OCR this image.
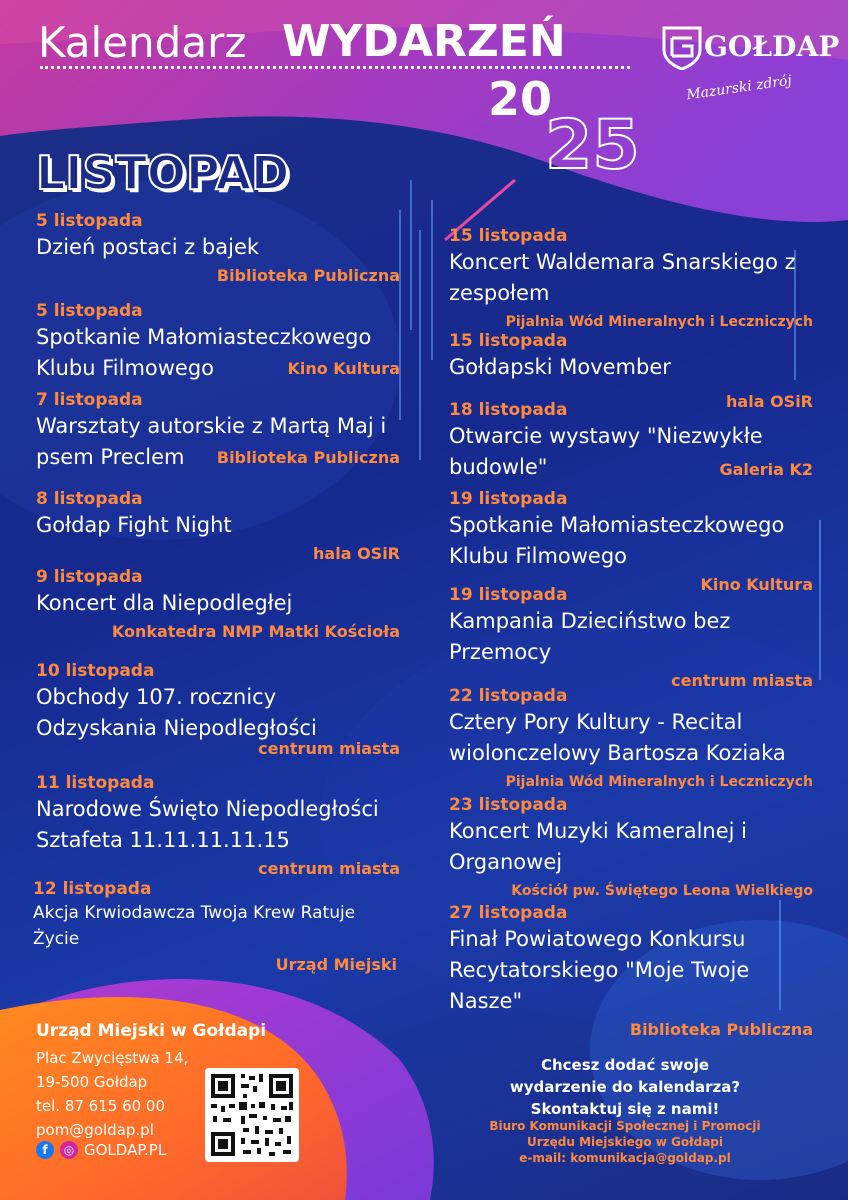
Kalendarz WYDARZEŃ
20
25
LISTOPAD
GOŁDAP
Mazurski zdrój
5 listopada
Dzień postaci z bajek
Biblioteka Publiczna
5 listopada
Spotkanie Małomiasteczkowego Klubu Filmowego	Kino Kultura
7 listopada
Warsztaty autorskie z Martą Maj i psem Preclem	Biblioteka Publiczna
8 listopada
Gołdap Fight Night
hala OSiR
9 listopada
Koncert dla Niepodległej
Konkatedra NMP Matki Kościoła
10 listopada
Obchody 107. rocznicy Odzyskania Niepodległości
centrum miasta
11 listopada
Narodowe Święto Niepodległości Sztafeta 11.11.11.11.15
centrum miasta
12 listopada
Akcja Krwiodawcza Twoja Krew Ratuje Życie
Urząd Miejski
15 listopada
Koncert Waldemara Snarskiego z zespołem
Pijalnia Wód Mineralnych i Leczniczych
15 listopada
Gołdapski Movember
hala OSiR
18 listopada
Otwarcie wystawy "Niezwykłe budowle"	Galeria K2
19 listopada
Spotkanie Małomiasteczkowego Klubu Filmowego
Kino Kultura
19 listopada
Kampania Dzieciństwo bez Przemocy
centrum miasta
22 listopada
Cztery Pory Kultury - Recital wiolonczelowy Bartosza Koziaka
Pijalnia Wód Mineralnych i Leczniczych
23 listopada
Koncert Muzyki Kameralnej i Organowej
Kościół pw. Świętego Leona Wielkiego
27 listopada
Finał Powiatowego Konkursu Recytatorskiego "Moje Twoje Nasze"
Biblioteka Publiczna
Urząd Miejski w Gołdapi
Plac Zwycięstwa 14,
19-500 Gołdap
tel. 87 615 60 00
pom@goldap.pl
f	◎ GOLDAP.PL
Chcesz dodać swoje
wydarzenie do kalendarza?
Skontaktuj się z nami!
Biuro Komunikacji Społecznej i Promocji
Urzędu Miejskiego w Gołdapi
e-mail: komunikacja@goldap.pl
